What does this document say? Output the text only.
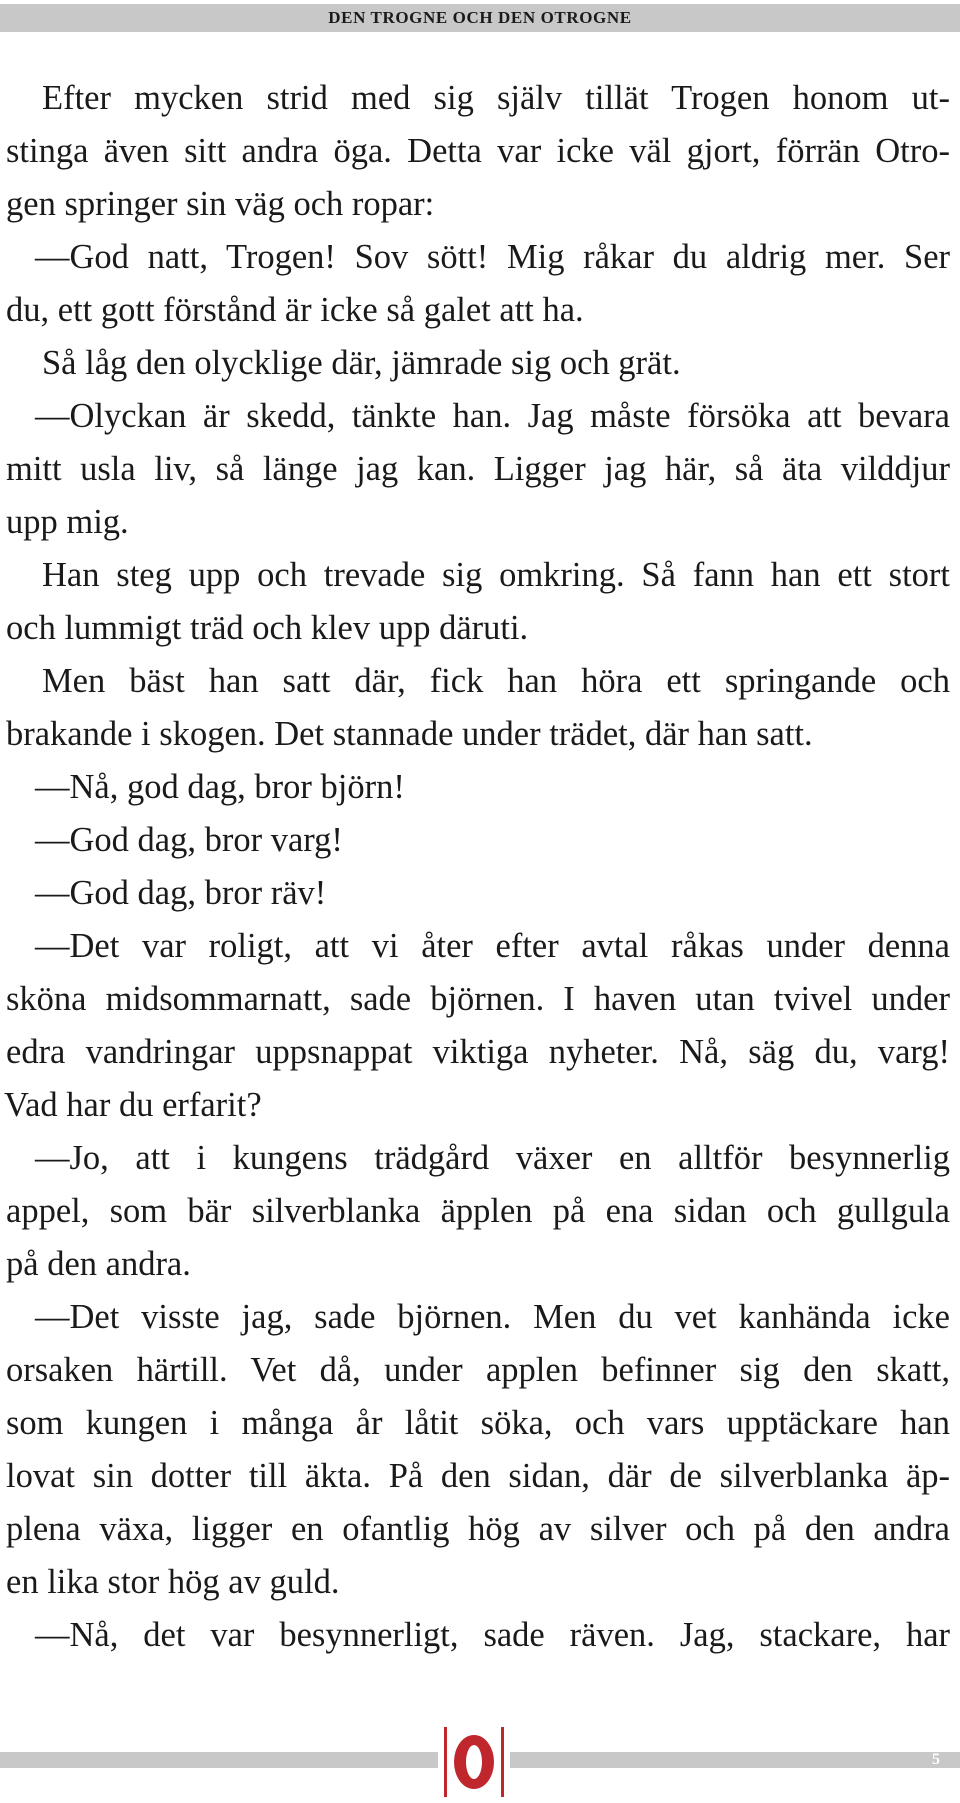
DEN TROGNE OCH DEN OTROGNE
Efter mycken strid med sig själv tillät Trogen honom ut-
stinga även sitt andra öga. Detta var icke väl gjort, förrän Otro-
gen springer sin väg och ropar:
—God natt, Trogen! Sov sött! Mig råkar du aldrig mer. Ser
du, ett gott förstånd är icke så galet att ha.
Så låg den olycklige där, jämrade sig och grät.
—Olyckan är skedd, tänkte han. Jag måste försöka att bevara
mitt usla liv, så länge jag kan. Ligger jag här, så äta vilddjur
upp mig.
Han steg upp och trevade sig omkring. Så fann han ett stort
och lummigt träd och klev upp däruti.
Men bäst han satt där, fick han höra ett springande och
brakande i skogen. Det stannade under trädet, där han satt.
—Nå, god dag, bror björn!
—God dag, bror varg!
—God dag, bror räv!
—Det var roligt, att vi åter efter avtal råkas under denna
sköna midsommarnatt, sade björnen. I haven utan tvivel under
edra vandringar uppsnappat viktiga nyheter. Nå, säg du, varg!
Vad har du erfarit?
—Jo, att i kungens trädgård växer en alltför besynnerlig
appel, som bär silverblanka äpplen på ena sidan och gullgula
på den andra.
—Det visste jag, sade björnen. Men du vet kanhända icke
orsaken härtill. Vet då, under applen befinner sig den skatt,
som kungen i många år låtit söka, och vars upptäckare han
lovat sin dotter till äkta. På den sidan, där de silverblanka äp-
plena växa, ligger en ofantlig hög av silver och på den andra
en lika stor hög av guld.
—Nå, det var besynnerligt, sade räven. Jag, stackare, har
5
